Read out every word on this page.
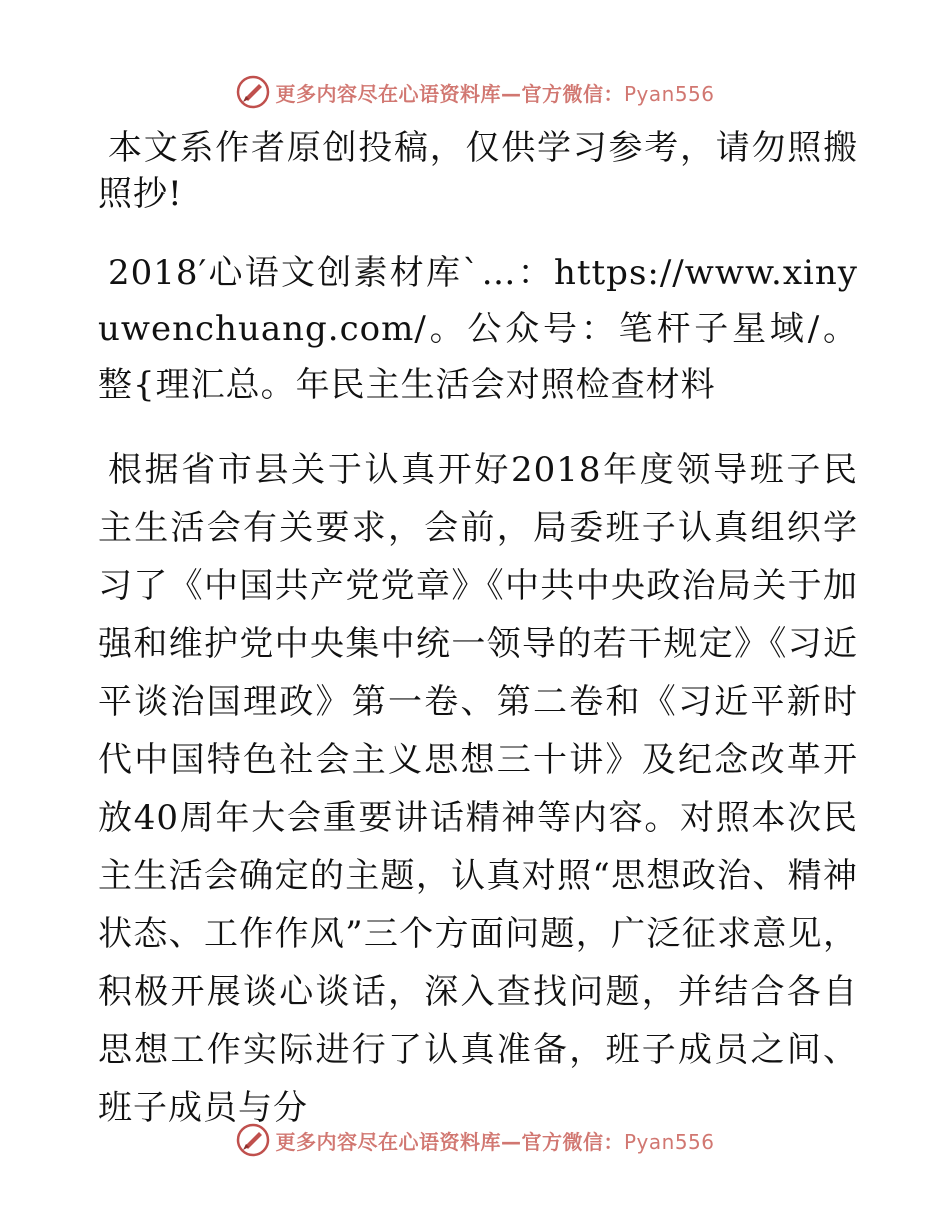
更多内容尽在心语资料库—官方微信：Pyan556

本文系作者原创投稿，仅供学习参考，请勿照搬照抄!

2018′心语文创素材库ˋ…：https://www.xinyuwenchuang.com/。公众号：笔杆子星域/。整{理汇总。年民主生活会对照检查材料

根据省市县关于认真开好2018年度领导班子民主生活会有关要求，会前，局委班子认真组织学习了《中国共产党党章》《中共中央政治局关于加强和维护党中央集中统一领导的若干规定》《习近平谈治国理政》第一卷、第二卷和《习近平新时代中国特色社会主义思想三十讲》及纪念改革开放40周年大会重要讲话精神等内容。对照本次民主生活会确定的主题，认真对照“思想政治、精神状态、工作作风”三个方面问题，广泛征求意见，积极开展谈心谈话，深入查找问题，并结合各自思想工作实际进行了认真准备，班子成员之间、班子成员与分

更多内容尽在心语资料库—官方微信：Pyan556
